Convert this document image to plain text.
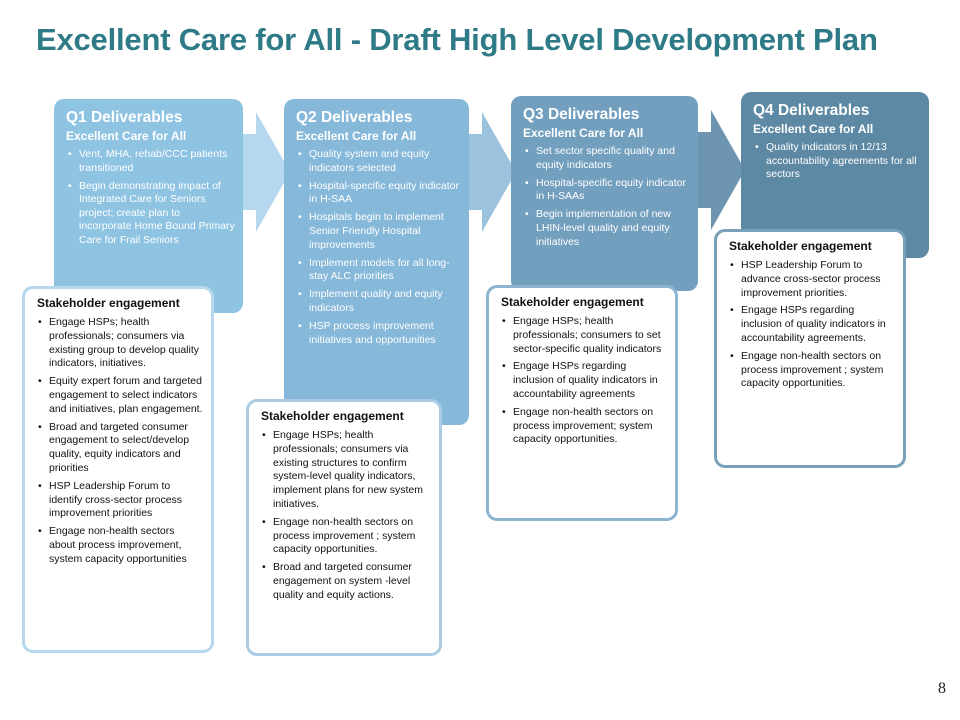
Excellent Care for All - Draft High Level Development Plan
Q1 Deliverables
Excellent Care for All
• Vent, MHA, rehab/CCC patients transitioned
• Begin demonstrating impact of Integrated Care for Seniors project; create plan to incorporate Home Bound Primary Care for Frail Seniors
Q2 Deliverables
Excellent Care for All
• Quality system and equity indicators selected
• Hospital-specific equity indicator in H-SAA
• Hospitals begin to implement Senior Friendly Hospital improvements
• Implement models for all long-stay ALC priorities
• Implement quality and equity indicators
• HSP process improvement initiatives and opportunities
Q3 Deliverables
Excellent Care for All
• Set sector specific quality and equity indicators
• Hospital-specific equity indicator in H-SAAs
• Begin implementation of new LHIN-level quality and equity initiatives
Q4 Deliverables
Excellent Care for All
• Quality indicators in 12/13 accountability agreements for all sectors
Stakeholder engagement
• Engage HSPs; health professionals; consumers via existing group to develop quality indicators, initiatives.
• Equity expert forum and targeted engagement to select indicators and initiatives, plan engagement.
• Broad and targeted consumer engagement to select/develop quality, equity indicators and priorities
• HSP Leadership Forum to identify cross-sector process improvement priorities
• Engage non-health sectors about process improvement, system capacity opportunities
Stakeholder engagement
• Engage HSPs; health professionals; consumers via existing structures to confirm system-level quality indicators, implement plans for new system initiatives.
• Engage non-health sectors on process improvement ; system capacity opportunities.
• Broad and targeted consumer engagement on system -level quality and equity actions.
Stakeholder engagement
• Engage HSPs; health professionals; consumers to set sector-specific quality indicators
• Engage HSPs regarding inclusion of quality indicators in accountability agreements
• Engage non-health sectors on process improvement; system capacity opportunities.
Stakeholder engagement
• HSP Leadership Forum to advance cross-sector process improvement priorities.
• Engage HSPs regarding inclusion of quality indicators in accountability agreements.
• Engage non-health sectors on process improvement ; system capacity opportunities.
8
